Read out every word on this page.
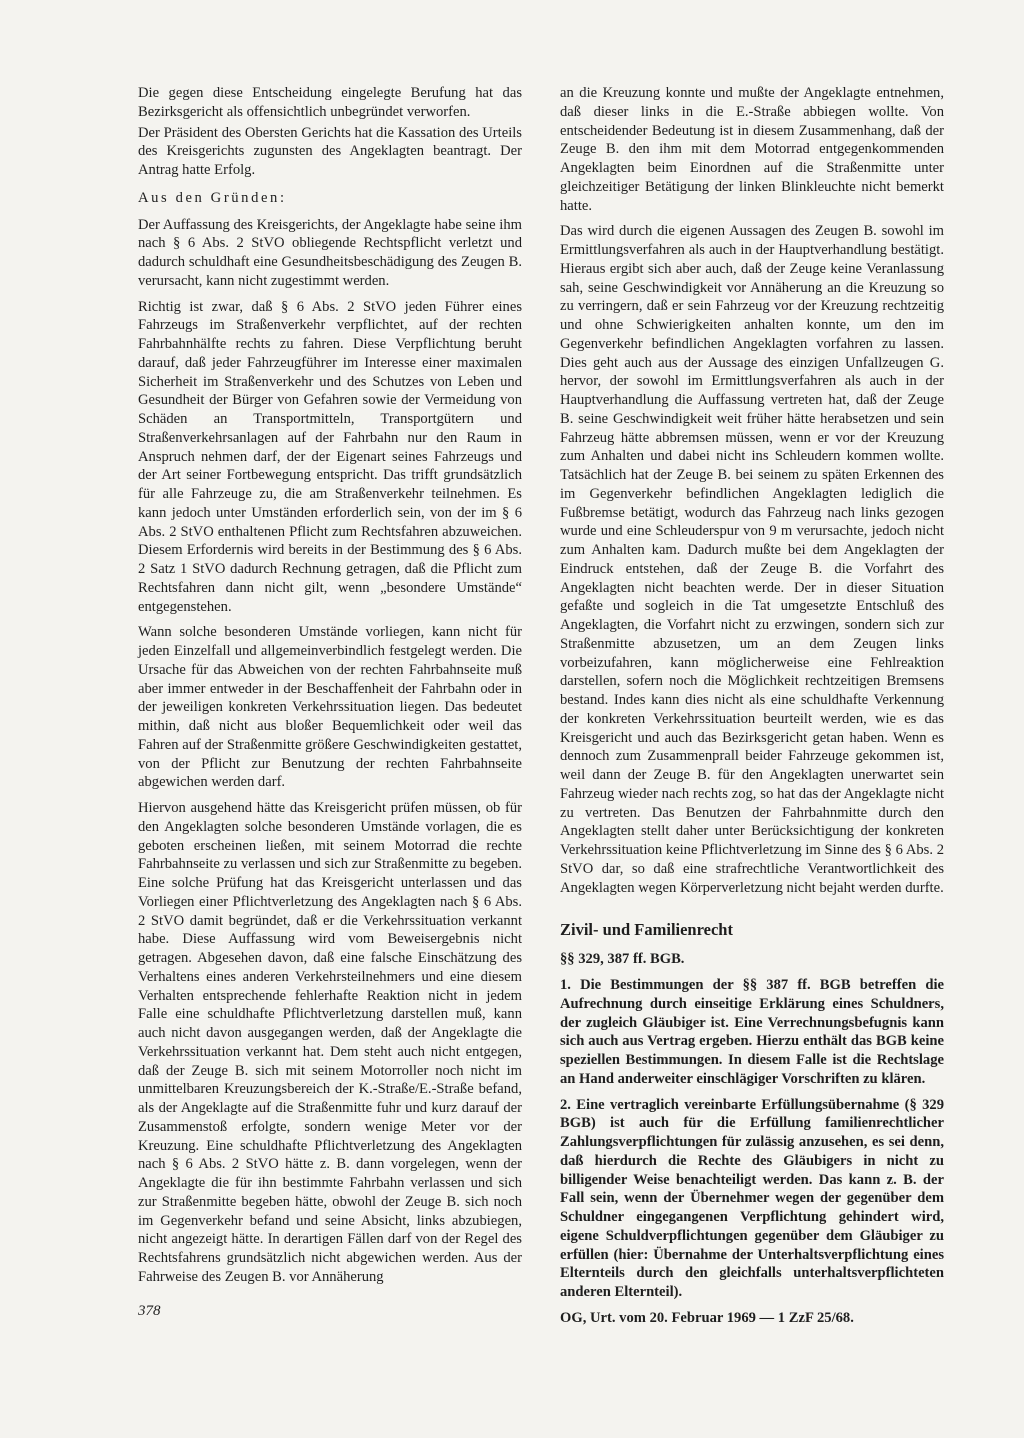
Die gegen diese Entscheidung eingelegte Berufung hat das Bezirksgericht als offensichtlich unbegründet verworfen.

Der Präsident des Obersten Gerichts hat die Kassation des Urteils des Kreisgerichts zugunsten des Angeklagten beantragt. Der Antrag hatte Erfolg.

Aus den Gründen:

Der Auffassung des Kreisgerichts, der Angeklagte habe seine ihm nach § 6 Abs. 2 StVO obliegende Rechtspflicht verletzt und dadurch schuldhaft eine Gesundheitsbeschädigung des Zeugen B. verursacht, kann nicht zugestimmt werden.

Richtig ist zwar, daß § 6 Abs. 2 StVO jeden Führer eines Fahrzeugs im Straßenverkehr verpflichtet, auf der rechten Fahrbahnhälfte rechts zu fahren. Diese Verpflichtung beruht darauf, daß jeder Fahrzeugführer im Interesse einer maximalen Sicherheit im Straßenverkehr und des Schutzes von Leben und Gesundheit der Bürger von Gefahren sowie der Vermeidung von Schäden an Transportmitteln, Transportgütern und Straßenverkehrsanlagen auf der Fahrbahn nur den Raum in Anspruch nehmen darf, der der Eigenart seines Fahrzeugs und der Art seiner Fortbewegung entspricht. Das trifft grundsätzlich für alle Fahrzeuge zu, die am Straßenverkehr teilnehmen. Es kann jedoch unter Umständen erforderlich sein, von der im § 6 Abs. 2 StVO enthaltenen Pflicht zum Rechtsfahren abzuweichen. Diesem Erfordernis wird bereits in der Bestimmung des § 6 Abs. 2 Satz 1 StVO dadurch Rechnung getragen, daß die Pflicht zum Rechtsfahren dann nicht gilt, wenn „besondere Umstände“ entgegenstehen.

Wann solche besonderen Umstände vorliegen, kann nicht für jeden Einzelfall und allgemeinverbindlich festgelegt werden. Die Ursache für das Abweichen von der rechten Fahrbahnseite muß aber immer entweder in der Beschaffenheit der Fahrbahn oder in der jeweiligen konkreten Verkehrssituation liegen. Das bedeutet mithin, daß nicht aus bloßer Bequemlichkeit oder weil das Fahren auf der Straßenmitte größere Geschwindigkeiten gestattet, von der Pflicht zur Benutzung der rechten Fahrbahnseite abgewichen werden darf.

Hiervon ausgehend hätte das Kreisgericht prüfen müssen, ob für den Angeklagten solche besonderen Umstände vorlagen, die es geboten erscheinen ließen, mit seinem Motorrad die rechte Fahrbahnseite zu verlassen und sich zur Straßenmitte zu begeben. Eine solche Prüfung hat das Kreisgericht unterlassen und das Vorliegen einer Pflichtverletzung des Angeklagten nach § 6 Abs. 2 StVO damit begründet, daß er die Verkehrssituation verkannt habe. Diese Auffassung wird vom Beweisergebnis nicht getragen. Abgesehen davon, daß eine falsche Einschätzung des Verhaltens eines anderen Verkehrsteilnehmers und eine diesem Verhalten entsprechende fehlerhafte Reaktion nicht in jedem Falle eine schuldhafte Pflichtverletzung darstellen muß, kann auch nicht davon ausgegangen werden, daß der Angeklagte die Verkehrssituation verkannt hat. Dem steht auch nicht entgegen, daß der Zeuge B. sich mit seinem Motorroller noch nicht im unmittelbaren Kreuzungsbereich der K.-Straße/E.-Straße befand, als der Angeklagte auf die Straßenmitte fuhr und kurz darauf der Zusammenstoß erfolgte, sondern wenige Meter vor der Kreuzung. Eine schuldhafte Pflichtverletzung des Angeklagten nach § 6 Abs. 2 StVO hätte z. B. dann vorgelegen, wenn der Angeklagte die für ihn bestimmte Fahrbahn verlassen und sich zur Straßenmitte begeben hätte, obwohl der Zeuge B. sich noch im Gegenverkehr befand und seine Absicht, links abzubiegen, nicht angezeigt hätte. In derartigen Fällen darf von der Regel des Rechtsfahrens grundsätzlich nicht abgewichen werden. Aus der Fahrweise des Zeugen B. vor Annäherung

an die Kreuzung konnte und mußte der Angeklagte entnehmen, daß dieser links in die E.-Straße abbiegen wollte. Von entscheidender Bedeutung ist in diesem Zusammenhang, daß der Zeuge B. den ihm mit dem Motorrad entgegenkommenden Angeklagten beim Einordnen auf die Straßenmitte unter gleichzeitiger Betätigung der linken Blinkleuchte nicht bemerkt hatte.

Das wird durch die eigenen Aussagen des Zeugen B. sowohl im Ermittlungsverfahren als auch in der Hauptverhandlung bestätigt. Hieraus ergibt sich aber auch, daß der Zeuge keine Veranlassung sah, seine Geschwindigkeit vor Annäherung an die Kreuzung so zu verringern, daß er sein Fahrzeug vor der Kreuzung rechtzeitig und ohne Schwierigkeiten anhalten konnte, um den im Gegenverkehr befindlichen Angeklagten vorfahren zu lassen. Dies geht auch aus der Aussage des einzigen Unfallzeugen G. hervor, der sowohl im Ermittlungsverfahren als auch in der Hauptverhandlung die Auffassung vertreten hat, daß der Zeuge B. seine Geschwindigkeit weit früher hätte herabsetzen und sein Fahrzeug hätte abbremsen müssen, wenn er vor der Kreuzung zum Anhalten und dabei nicht ins Schleudern kommen wollte. Tatsächlich hat der Zeuge B. bei seinem zu späten Erkennen des im Gegenverkehr befindlichen Angeklagten lediglich die Fußbremse betätigt, wodurch das Fahrzeug nach links gezogen wurde und eine Schleuderspur von 9 m verursachte, jedoch nicht zum Anhalten kam. Dadurch mußte bei dem Angeklagten der Eindruck entstehen, daß der Zeuge B. die Vorfahrt des Angeklagten nicht beachten werde. Der in dieser Situation gefaßte und sogleich in die Tat umgesetzte Entschluß des Angeklagten, die Vorfahrt nicht zu erzwingen, sondern sich zur Straßenmitte abzusetzen, um an dem Zeugen links vorbeizufahren, kann möglicherweise eine Fehlreaktion darstellen, sofern noch die Möglichkeit rechtzeitigen Bremsens bestand. Indes kann dies nicht als eine schuldhafte Verkennung der konkreten Verkehrssituation beurteilt werden, wie es das Kreisgericht und auch das Bezirksgericht getan haben. Wenn es dennoch zum Zusammenprall beider Fahrzeuge gekommen ist, weil dann der Zeuge B. für den Angeklagten unerwartet sein Fahrzeug wieder nach rechts zog, so hat das der Angeklagte nicht zu vertreten. Das Benutzen der Fahrbahnmitte durch den Angeklagten stellt daher unter Berücksichtigung der konkreten Verkehrssituation keine Pflichtverletzung im Sinne des § 6 Abs. 2 StVO dar, so daß eine strafrechtliche Verantwortlichkeit des Angeklagten wegen Körperverletzung nicht bejaht werden durfte.

Zivil- und Familienrecht

§§ 329, 387 ff. BGB.

1. Die Bestimmungen der §§ 387 ff. BGB betreffen die Aufrechnung durch einseitige Erklärung eines Schuldners, der zugleich Gläubiger ist. Eine Verrechnungsbefugnis kann sich auch aus Vertrag ergeben. Hierzu enthält das BGB keine speziellen Bestimmungen. In diesem Falle ist die Rechtslage an Hand anderweiter einschlägiger Vorschriften zu klären.

2. Eine vertraglich vereinbarte Erfüllungsübernahme (§ 329 BGB) ist auch für die Erfüllung familienrechtlicher Zahlungsverpflichtungen für zulässig anzusehen, es sei denn, daß hierdurch die Rechte des Gläubigers in nicht zu billigender Weise benachteiligt werden. Das kann z. B. der Fall sein, wenn der Übernehmer wegen der gegenüber dem Schuldner eingegangenen Verpflichtung gehindert wird, eigene Schuldverpflichtungen gegenüber dem Gläubiger zu erfüllen (hier: Übernahme der Unterhaltsverpflichtung eines Elternteils durch den gleichfalls unterhaltsverpflichteten anderen Elternteil).

OG, Urt. vom 20. Februar 1969 — 1 ZzF 25/68.

378
